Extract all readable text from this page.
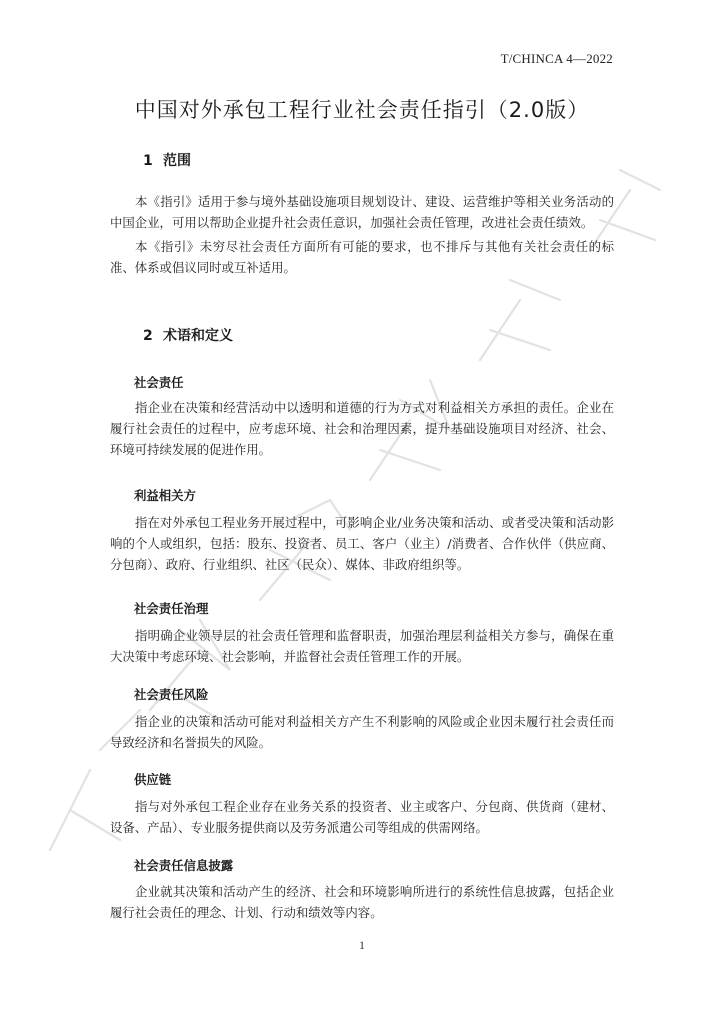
T/CHINCA 4—2022
中国对外承包工程行业社会责任指引（2.0版）
1 范围

本《指引》适用于参与境外基础设施项目规划设计、建设、运营维护等相关业务活动的中国企业，可用以帮助企业提升社会责任意识，加强社会责任管理，改进社会责任绩效。

本《指引》未穷尽社会责任方面所有可能的要求，也不排斥与其他有关社会责任的标准、体系或倡议同时或互补适用。

2 术语和定义
社会责任

指企业在决策和经营活动中以透明和道德的行为方式对利益相关方承担的责任。企业在履行社会责任的过程中，应考虑环境、社会和治理因素，提升基础设施项目对经济、社会、环境可持续发展的促进作用。

利益相关方

指在对外承包工程业务开展过程中，可影响企业/业务决策和活动、或者受决策和活动影响的个人或组织，包括：股东、投资者、员工、客户（业主）/消费者、合作伙伴（供应商、分包商）、政府、行业组织、社区（民众）、媒体、非政府组织等。

社会责任治理

指明确企业领导层的社会责任管理和监督职责，加强治理层利益相关方参与，确保在重大决策中考虑环境、社会影响，并监督社会责任管理工作的开展。

社会责任风险

指企业的决策和活动可能对利益相关方产生不利影响的风险或企业因未履行社会责任而导致经济和名誉损失的风险。

供应链

指与对外承包工程企业存在业务关系的投资者、业主或客户、分包商、供货商（建材、设备、产品）、专业服务提供商以及劳务派遣公司等组成的供需网络。

社会责任信息披露

企业就其决策和活动产生的经济、社会和环境影响所进行的系统性信息披露，包括企业履行社会责任的理念、计划、行动和绩效等内容。

1
